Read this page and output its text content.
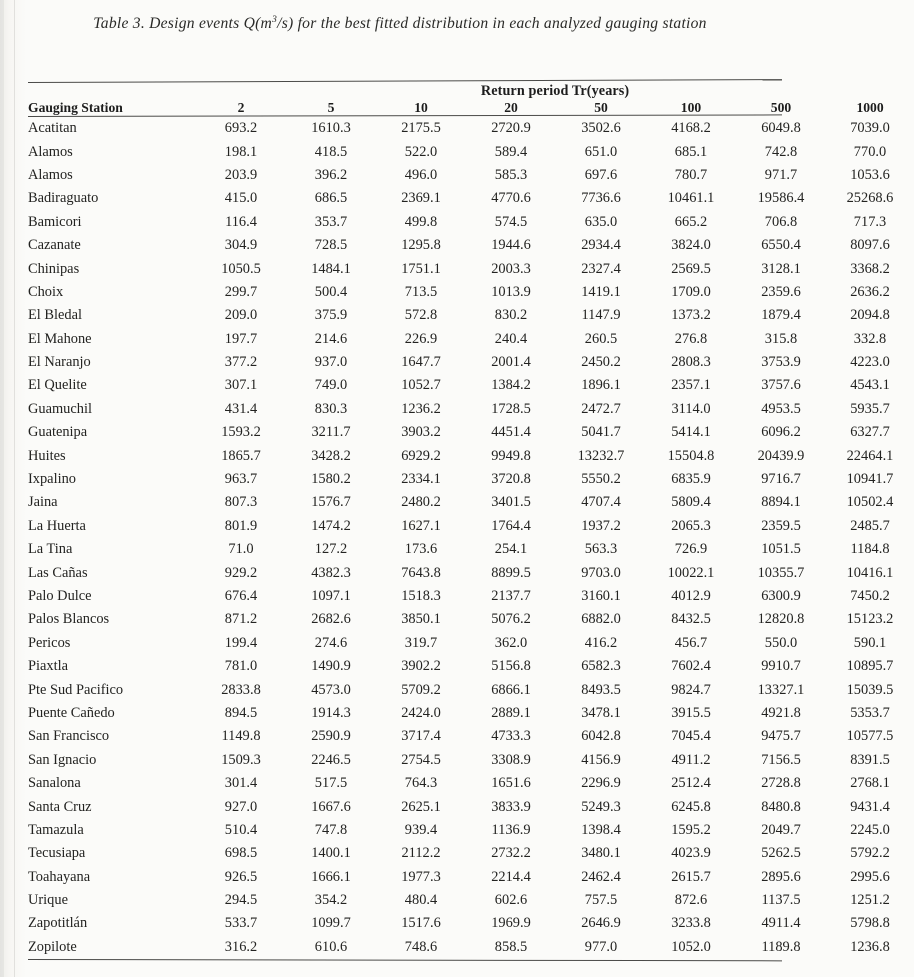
Table 3. Design events $Q(m^3/s)$ for the best fitted distribution in each analyzed gauging station
	Return period Tr(years)							
Gauging Station	2	5	10	20	50	100	500	1000
Acatitan	693.2	1610.3	2175.5	2720.9	3502.6	4168.2	6049.8	7039.0
Alamos	198.1	418.5	522.0	589.4	651.0	685.1	742.8	770.0
Alamos	203.9	396.2	496.0	585.3	697.6	780.7	971.7	1053.6
Badiraguato	415.0	686.5	2369.1	4770.6	7736.6	10461.1	19586.4	25268.6
Bamicori	116.4	353.7	499.8	574.5	635.0	665.2	706.8	717.3
Cazanate	304.9	728.5	1295.8	1944.6	2934.4	3824.0	6550.4	8097.6
Chinipas	1050.5	1484.1	1751.1	2003.3	2327.4	2569.5	3128.1	3368.2
Choix	299.7	500.4	713.5	1013.9	1419.1	1709.0	2359.6	2636.2
El Bledal	209.0	375.9	572.8	830.2	1147.9	1373.2	1879.4	2094.8
El Mahone	197.7	214.6	226.9	240.4	260.5	276.8	315.8	332.8
El Naranjo	377.2	937.0	1647.7	2001.4	2450.2	2808.3	3753.9	4223.0
El Quelite	307.1	749.0	1052.7	1384.2	1896.1	2357.1	3757.6	4543.1
Guamuchil	431.4	830.3	1236.2	1728.5	2472.7	3114.0	4953.5	5935.7
Guatenipa	1593.2	3211.7	3903.2	4451.4	5041.7	5414.1	6096.2	6327.7
Huites	1865.7	3428.2	6929.2	9949.8	13232.7	15504.8	20439.9	22464.1
Ixpalino	963.7	1580.2	2334.1	3720.8	5550.2	6835.9	9716.7	10941.7
Jaina	807.3	1576.7	2480.2	3401.5	4707.4	5809.4	8894.1	10502.4
La Huerta	801.9	1474.2	1627.1	1764.4	1937.2	2065.3	2359.5	2485.7
La Tina	71.0	127.2	173.6	254.1	563.3	726.9	1051.5	1184.8
Las Cañas	929.2	4382.3	7643.8	8899.5	9703.0	10022.1	10355.7	10416.1
Palo Dulce	676.4	1097.1	1518.3	2137.7	3160.1	4012.9	6300.9	7450.2
Palos Blancos	871.2	2682.6	3850.1	5076.2	6882.0	8432.5	12820.8	15123.2
Pericos	199.4	274.6	319.7	362.0	416.2	456.7	550.0	590.1
Piaxtla	781.0	1490.9	3902.2	5156.8	6582.3	7602.4	9910.7	10895.7
Pte Sud Pacifico	2833.8	4573.0	5709.2	6866.1	8493.5	9824.7	13327.1	15039.5
Puente Cañedo	894.5	1914.3	2424.0	2889.1	3478.1	3915.5	4921.8	5353.7
San Francisco	1149.8	2590.9	3717.4	4733.3	6042.8	7045.4	9475.7	10577.5
San Ignacio	1509.3	2246.5	2754.5	3308.9	4156.9	4911.2	7156.5	8391.5
Sanalona	301.4	517.5	764.3	1651.6	2296.9	2512.4	2728.8	2768.1
Santa Cruz	927.0	1667.6	2625.1	3833.9	5249.3	6245.8	8480.8	9431.4
Tamazula	510.4	747.8	939.4	1136.9	1398.4	1595.2	2049.7	2245.0
Tecusiapa	698.5	1400.1	2112.2	2732.2	3480.1	4023.9	5262.5	5792.2
Toahayana	926.5	1666.1	1977.3	2214.4	2462.4	2615.7	2895.6	2995.6
Urique	294.5	354.2	480.4	602.6	757.5	872.6	1137.5	1251.2
Zapotitlán	533.7	1099.7	1517.6	1969.9	2646.9	3233.8	4911.4	5798.8
Zopilote	316.2	610.6	748.6	858.5	977.0	1052.0	1189.8	1236.8
